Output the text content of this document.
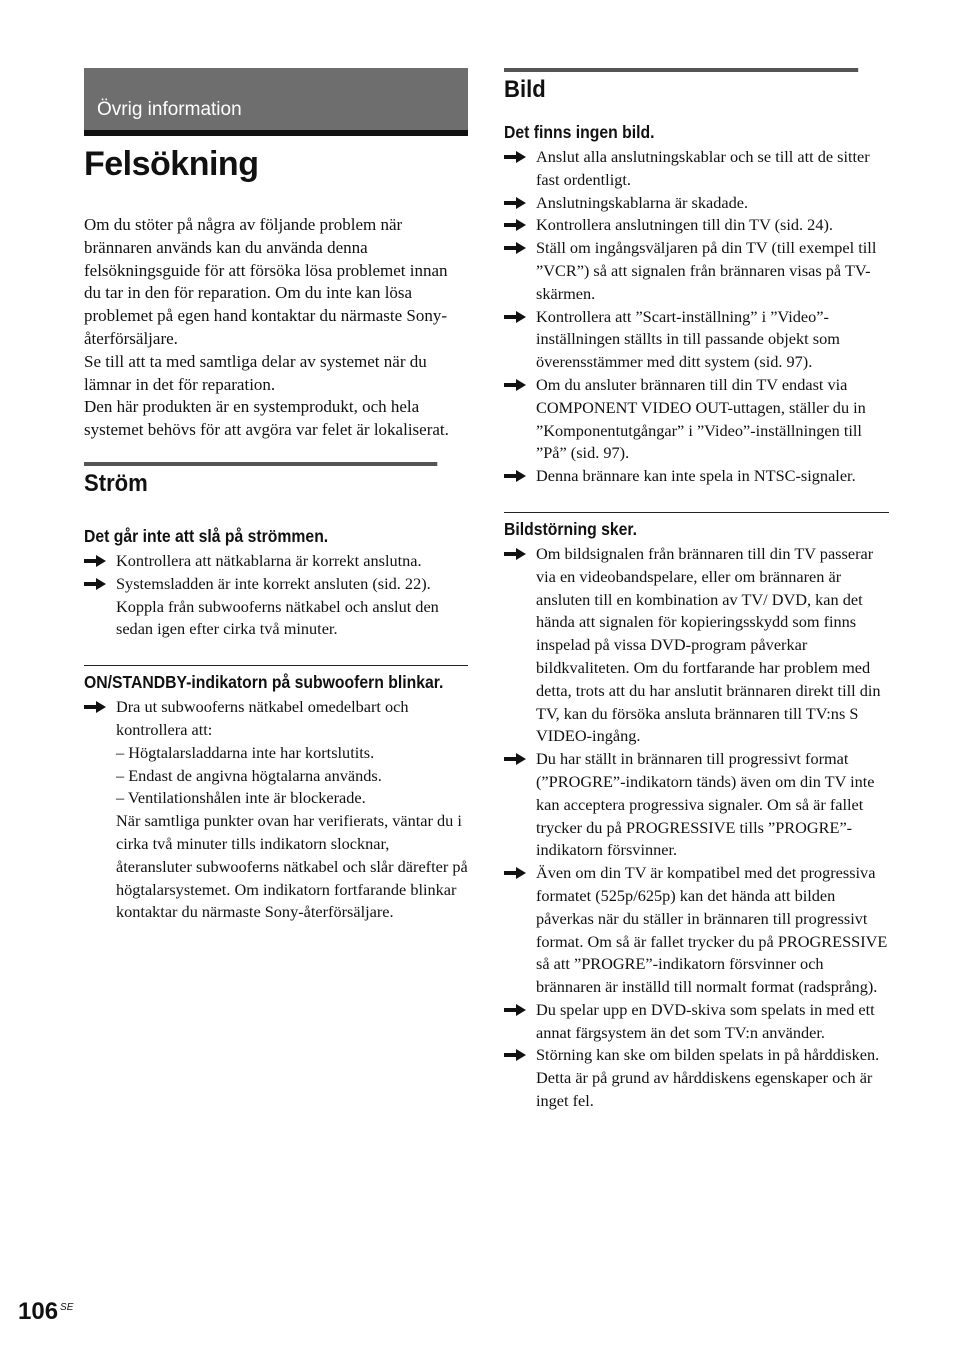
Övrig information
Felsökning

Om du stöter på några av följande problem när brännaren används kan du använda denna felsökningsguide för att försöka lösa problemet innan du tar in den för reparation. Om du inte kan lösa problemet på egen hand kontaktar du närmaste Sony-återförsäljare.

Se till att ta med samtliga delar av systemet när du lämnar in det för reparation.

Den här produkten är en systemprodukt, och hela systemet behövs för att avgöra var felet är lokaliserat.

Ström
Det går inte att slå på strömmen.
Kontrollera att nätkablarna är korrekt anslutna.
Systemsladden är inte korrekt ansluten (sid. 22). Koppla från subwooferns nätkabel och anslut den sedan igen efter cirka två minuter.
ON/STANDBY-indikatorn på subwoofern blinkar.
Dra ut subwooferns nätkabel omedelbart och kontrollera att:
– Högtalarsladdarna inte har kortslutits.
– Endast de angivna högtalarna används.
– Ventilationshålen inte är blockerade.
När samtliga punkter ovan har verifierats, väntar du i cirka två minuter tills indikatorn slocknar, återansluter subwooferns nätkabel och slår därefter på högtalarsystemet. Om indikatorn fortfarande blinkar kontaktar du närmaste Sony-återförsäljare.
Bild
Det finns ingen bild.
Anslut alla anslutningskablar och se till att de sitter fast ordentligt.
Anslutningskablarna är skadade.
Kontrollera anslutningen till din TV (sid. 24).
Ställ om ingångsväljaren på din TV (till exempel till ”VCR”) så att signalen från brännaren visas på TV-skärmen.
Kontrollera att ”Scart-inställning” i ”Video”-inställningen ställts in till passande objekt som överensstämmer med ditt system (sid. 97).
Om du ansluter brännaren till din TV endast via COMPONENT VIDEO OUT-uttagen, ställer du in ”Komponentutgångar” i ”Video”-inställningen till ”På” (sid. 97).
Denna brännare kan inte spela in NTSC-signaler.
Bildstörning sker.
Om bildsignalen från brännaren till din TV passerar via en videobandspelare, eller om brännaren är ansluten till en kombination av TV/ DVD, kan det hända att signalen för kopieringsskydd som finns inspelad på vissa DVD-program påverkar bildkvaliteten. Om du fortfarande har problem med detta, trots att du har anslutit brännaren direkt till din TV, kan du försöka ansluta brännaren till TV:ns S VIDEO-ingång.
Du har ställt in brännaren till progressivt format (”PROGRE”-indikatorn tänds) även om din TV inte kan acceptera progressiva signaler. Om så är fallet trycker du på PROGRESSIVE tills ”PROGRE”-indikatorn försvinner.
Även om din TV är kompatibel med det progressiva formatet (525p/625p) kan det hända att bilden påverkas när du ställer in brännaren till progressivt format. Om så är fallet trycker du på PROGRESSIVE så att ”PROGRE”-indikatorn försvinner och brännaren är inställd till normalt format (radsprång).
Du spelar upp en DVD-skiva som spelats in med ett annat färgsystem än det som TV:n använder.
Störning kan ske om bilden spelats in på hårddisken. Detta är på grund av hårddiskens egenskaper och är inget fel.
106 $^{SE}$
